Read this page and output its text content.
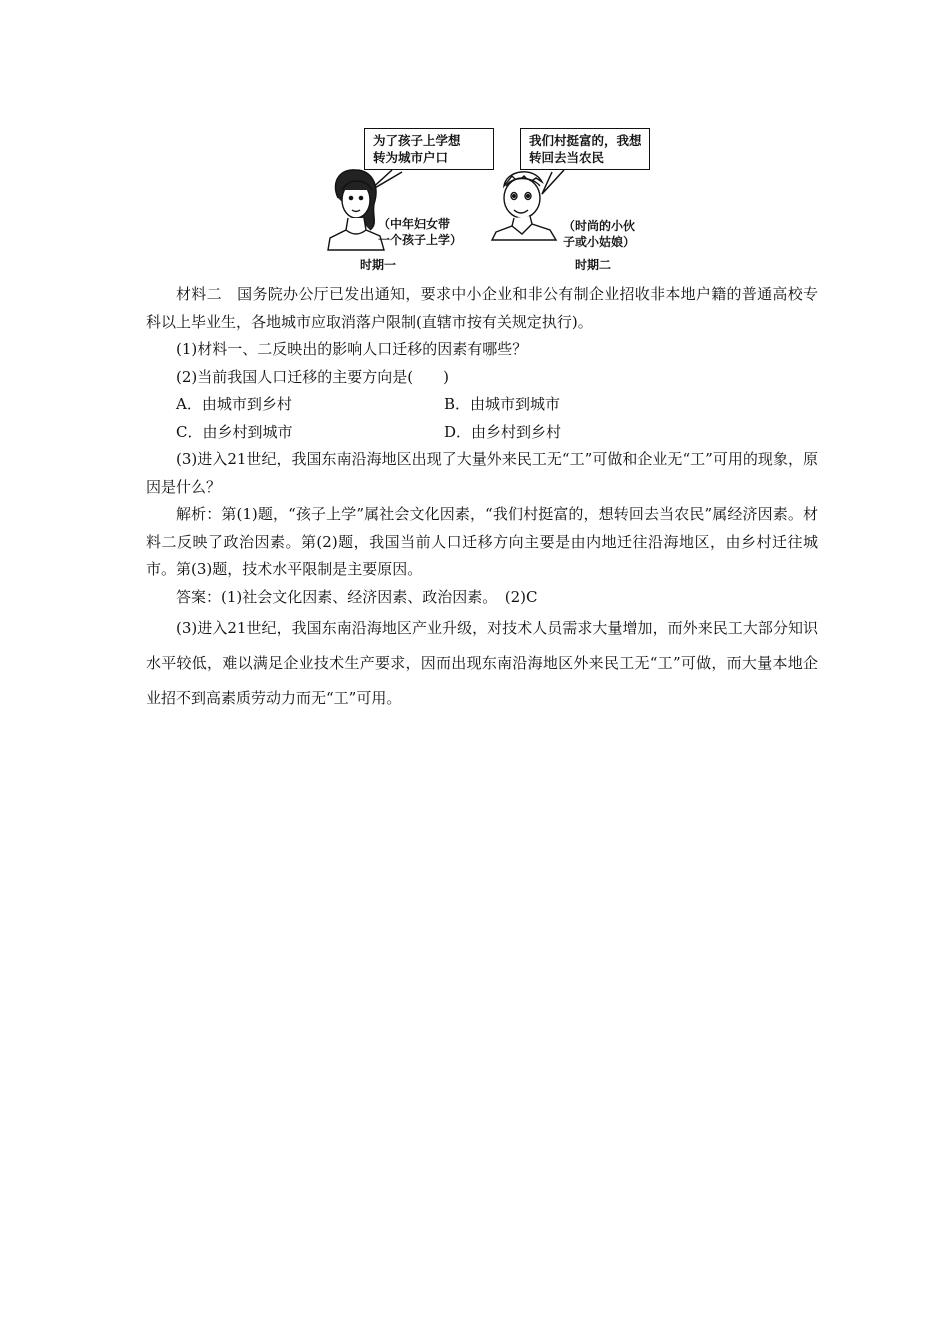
为了孩子上学想
转为城市户口
我们村挺富的，我想
转回去当农民
（中年妇女带
一个孩子上学）
（时尚的小伙
子或小姑娘）
时期一	时期二

材料二　国务院办公厅已发出通知，要求中小企业和非公有制企业招收非本地户籍的普通高校专科以上毕业生，各地城市应取消落户限制(直辖市按有关规定执行)。

(1)材料一、二反映出的影响人口迁移的因素有哪些？

(2)当前我国人口迁移的主要方向是(　　)

A．由城市到乡村	B．由城市到城市
C．由乡村到城市	D．由乡村到乡村

(3)进入21世纪，我国东南沿海地区出现了大量外来民工无“工”可做和企业无“工”可用的现象，原因是什么？

解析：第(1)题，“孩子上学”属社会文化因素，“我们村挺富的，想转回去当农民”属经济因素。材料二反映了政治因素。第(2)题，我国当前人口迁移方向主要是由内地迁往沿海地区，由乡村迁往城市。第(3)题，技术水平限制是主要原因。

答案：(1)社会文化因素、经济因素、政治因素。　(2)C

(3)进入21世纪，我国东南沿海地区产业升级，对技术人员需求大量增加，而外来民工大部分知识水平较低，难以满足企业技术生产要求，因而出现东南沿海地区外来民工无“工”可做，而大量本地企业招不到高素质劳动力而无“工”可用。
